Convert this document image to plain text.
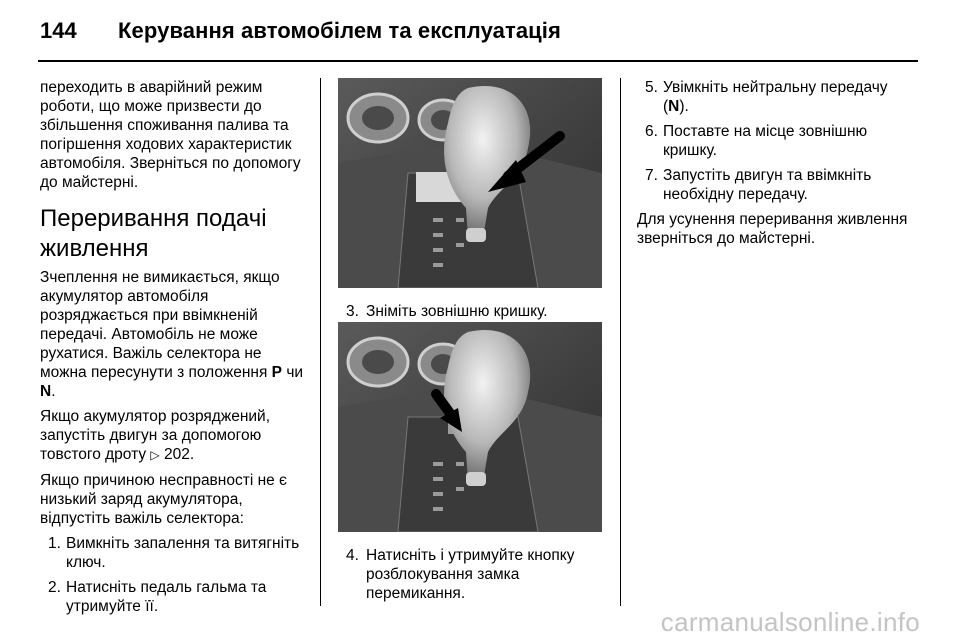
144 Керування автомобілем та експлуатація

переходить в аварійний режим роботи, що може призвести до збільшення споживання палива та погіршення ходових характеристик автомобіля. Зверніться по допомогу до майстерні.

Переривання подачі живлення

Зчеплення не вимикається, якщо акумулятор автомобіля розряджається при ввімкненій передачі. Автомобіль не може рухатися. Важіль селектора не можна пересунути з положення P чи N.

Якщо акумулятор розряджений, запустіть двигун за допомогою товстого дроту ▷ 202.

Якщо причиною несправності не є низький заряд акумулятора, відпустіть важіль селектора:

1. Вимкніть запалення та витягніть ключ.
2. Натисніть педаль гальма та утримуйте її.
3. Зніміть зовнішню кришку.
4. Натисніть і утримуйте кнопку розблокування замка перемикання.
5. Увімкніть нейтральну передачу (N).
6. Поставте на місце зовнішню кришку.
7. Запустіть двигун та ввімкніть необхідну передачу.

Для усунення переривання живлення зверніться до майстерні.

carmanualsonline.info
